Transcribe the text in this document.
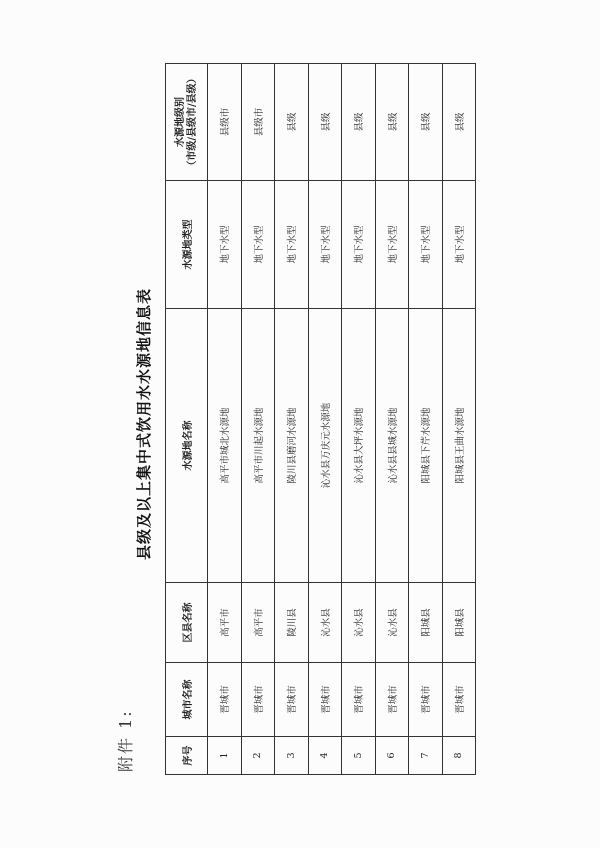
附件 1:
县级及以上集中式饮用水水源地信息表
序号	城市名称	区县名称	水源地名称	水源地类型	水源地级别 （市级/县级市/县级）

1	晋城市	高平市	高平市城北水源地	地下水型	县级市
2	晋城市	高平市	高平市川起水源地	地下水型	县级市
3	晋城市	陵川县	陵川县磨河水源地	地下水型	县级
4	晋城市	沁水县	沁水县万庆元水源地	地下水型	县级
5	晋城市	沁水县	沁水县大坪水源地	地下水型	县级
6	晋城市	沁水县	沁水县县城水源地	地下水型	县级
7	晋城市	阳城县	阳城县下芹水源地	地下水型	县级
8	晋城市	阳城县	阳城县王曲水源地	地下水型	县级
